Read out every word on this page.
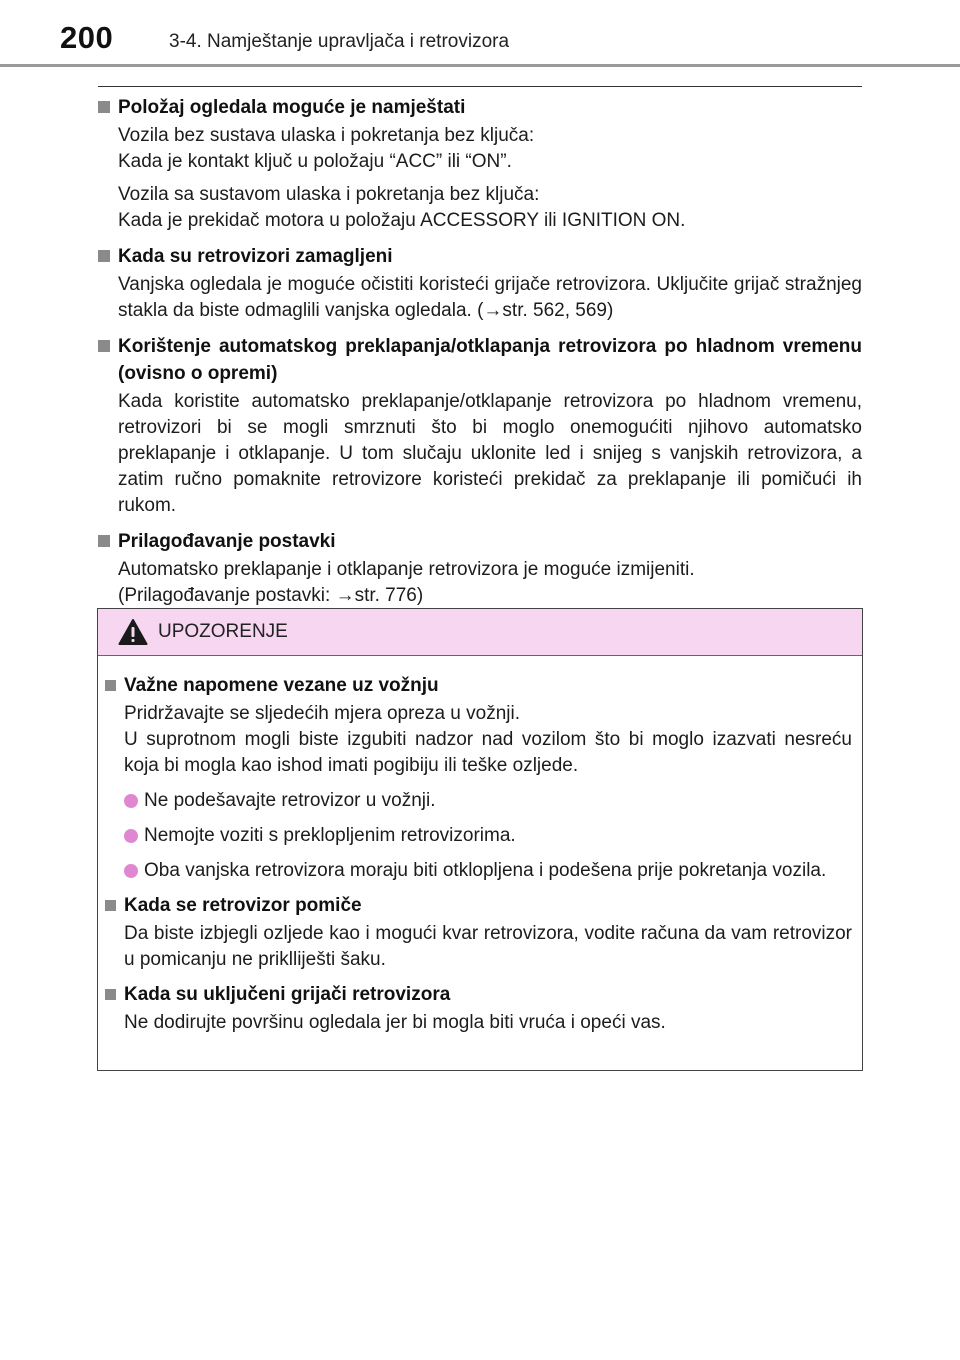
200	3-4. Namještanje upravljača i retrovizora
Položaj ogledala moguće je namještati
Vozila bez sustava ulaska i pokretanja bez ključa:
Kada je kontakt ključ u položaju “ACC” ili “ON”.
Vozila sa sustavom ulaska i pokretanja bez ključa:
Kada je prekidač motora u položaju ACCESSORY ili IGNITION ON.
Kada su retrovizori zamagljeni
Vanjska ogledala je moguće očistiti koristeći grijače retrovizora. Uključite grijač stražnjeg stakla da biste odmaglili vanjska ogledala. (→str. 562, 569)
Korištenje automatskog preklapanja/otklapanja retrovizora po hladnom vremenu (ovisno o opremi)
Kada koristite automatsko preklapanje/otklapanje retrovizora po hladnom vremenu, retrovizori bi se mogli smrznuti što bi moglo onemogućiti njihovo automatsko preklapanje i otklapanje. U tom slučaju uklonite led i snijeg s vanjskih retrovizora, a zatim ručno pomaknite retrovizore koristeći prekidač za preklapanje ili pomičući ih rukom.
Prilagođavanje postavki
Automatsko preklapanje i otklapanje retrovizora je moguće izmijeniti.
(Prilagođavanje postavki: →str. 776)
UPOZORENJE
Važne napomene vezane uz vožnju
Pridržavajte se sljedećih mjera opreza u vožnji.
U suprotnom mogli biste izgubiti nadzor nad vozilom što bi moglo izazvati nesreću koja bi mogla kao ishod imati pogibiju ili teške ozljede.
Ne podešavajte retrovizor u vožnji.
Nemojte voziti s preklopljenim retrovizorima.
Oba vanjska retrovizora moraju biti otklopljena i podešena prije pokretanja vozila.
Kada se retrovizor pomiče
Da biste izbjegli ozljede kao i mogući kvar retrovizora, vodite računa da vam retrovizor u pomicanju ne priklliješti šaku.
Kada su uključeni grijači retrovizora
Ne dodirujte površinu ogledala jer bi mogla biti vruća i opeći vas.
